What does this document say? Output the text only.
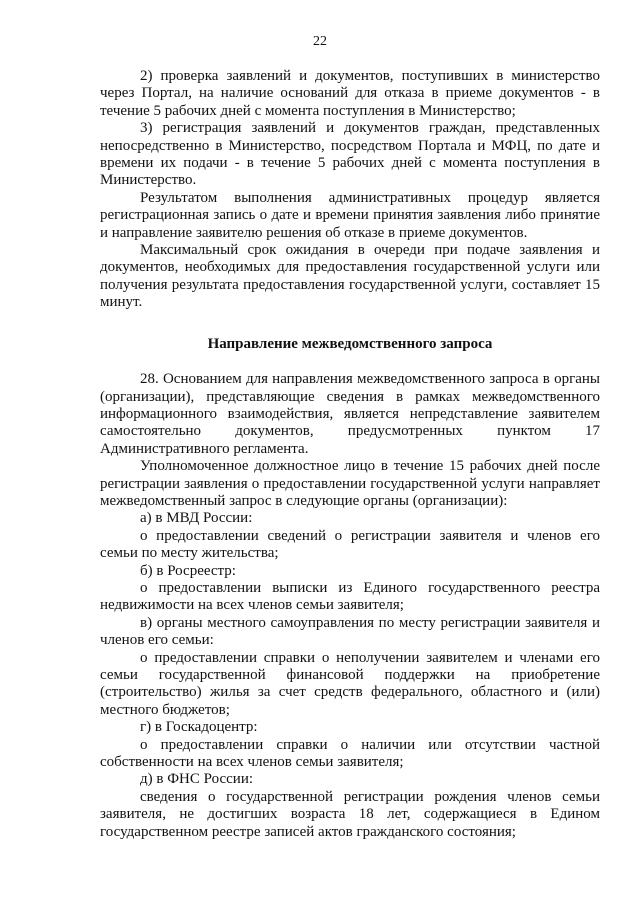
22

2) проверка заявлений и документов, поступивших в министерство через Портал, на наличие оснований для отказа в приеме документов - в течение 5 рабочих дней с момента поступления в Министерство;

3) регистрация заявлений и документов граждан, представленных непосредственно в Министерство, посредством Портала и МФЦ, по дате и времени их подачи - в течение 5 рабочих дней с момента поступления в Министерство.

Результатом выполнения административных процедур является регистрационная запись о дате и времени принятия заявления либо принятие и направление заявителю решения об отказе в приеме документов.

Максимальный срок ожидания в очереди при подаче заявления и документов, необходимых для предоставления государственной услуги или получения результата предоставления государственной услуги, составляет 15 минут.

Направление межведомственного запроса

28. Основанием для направления межведомственного запроса в органы (организации), представляющие сведения в рамках межведомственного информационного взаимодействия, является непредставление заявителем самостоятельно документов, предусмотренных пунктом 17 Административного регламента.

Уполномоченное должностное лицо в течение 15 рабочих дней после регистрации заявления о предоставлении государственной услуги направляет межведомственный запрос в следующие органы (организации):

а) в МВД России:

о предоставлении сведений о регистрации заявителя и членов его семьи по месту жительства;

б) в Росреестр:

о предоставлении выписки из Единого государственного реестра недвижимости на всех членов семьи заявителя;

в) органы местного самоуправления по месту регистрации заявителя и членов его семьи:

о предоставлении справки о неполучении заявителем и членами его семьи государственной финансовой поддержки на приобретение (строительство) жилья за счет средств федерального, областного и (или) местного бюджетов;

г) в Госкадоцентр:

о предоставлении справки о наличии или отсутствии частной собственности на всех членов семьи заявителя;

д) в ФНС России:

сведения о государственной регистрации рождения членов семьи заявителя, не достигших возраста 18 лет, содержащиеся в Едином государственном реестре записей актов гражданского состояния;
